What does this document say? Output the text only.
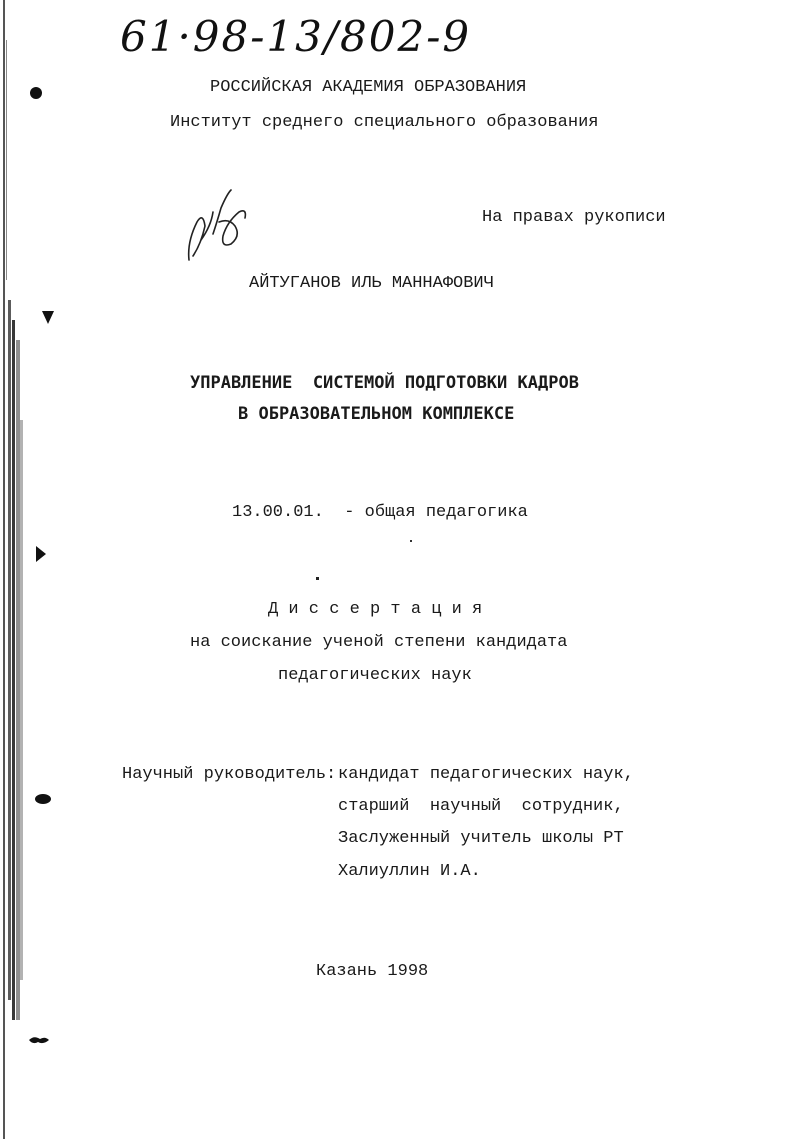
61·98-13/802-9
РОССИЙСКАЯ АКАДЕМИЯ ОБРАЗОВАНИЯ
Институт среднего специального образования
На правах рукописи
АЙТУГАНОВ ИЛЬ МАННАФОВИЧ
УПРАВЛЕНИЕ  СИСТЕМОЙ ПОДГОТОВКИ КАДРОВ
В ОБРАЗОВАТЕЛЬНОМ КОМПЛЕКСЕ
13.00.01.  - общая педагогика
Д и с с е р т а ц и я
на соискание ученой степени кандидата
педагогических наук
Научный руководитель: кандидат педагогических наук,
старший  научный  сотрудник,
Заслуженный учитель школы РТ
Халиуллин И.А.
Казань 1998
